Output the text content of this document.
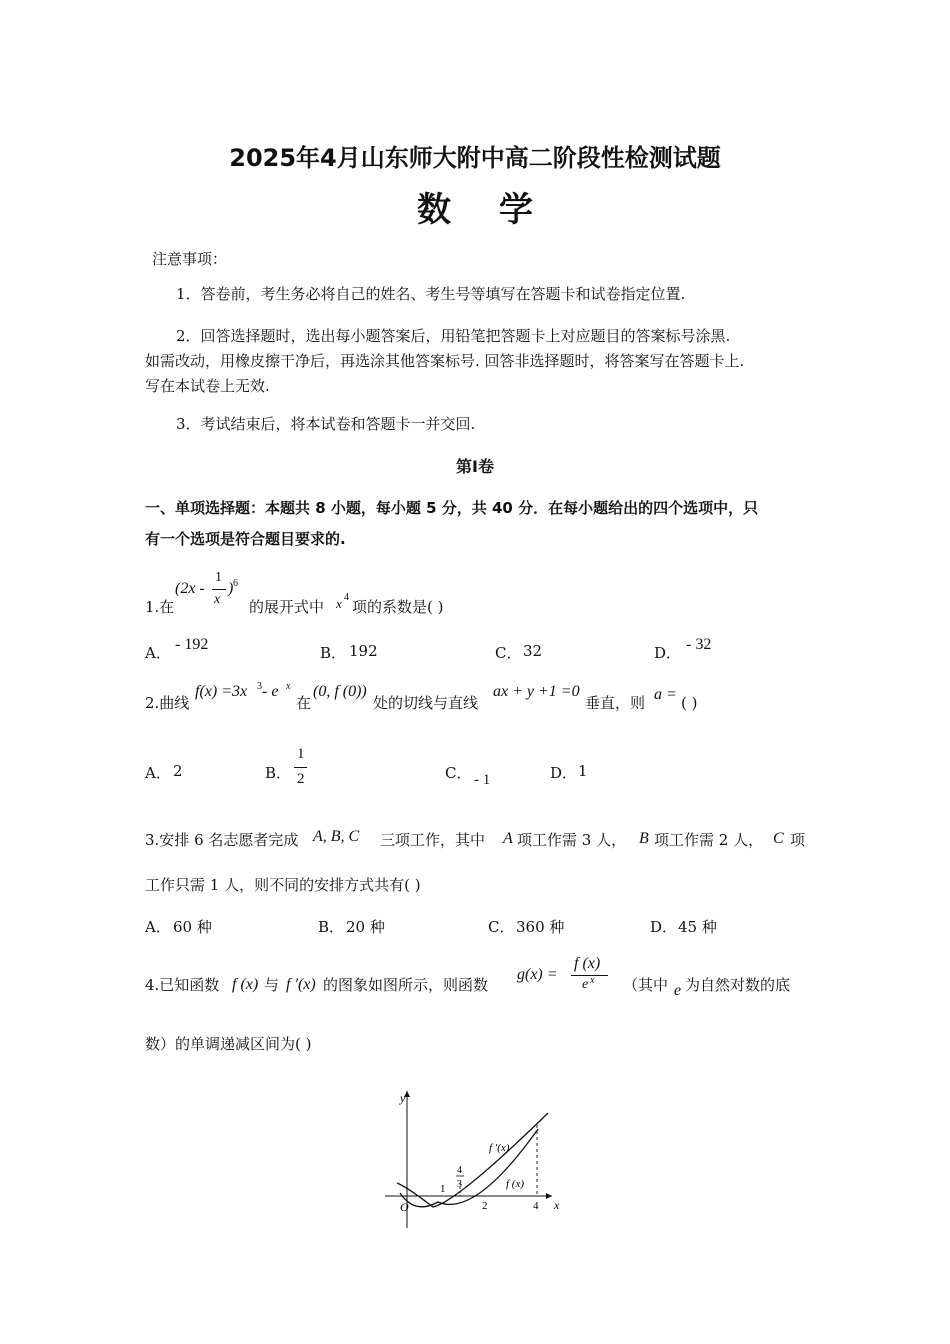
2025年4月山东师大附中高二阶段性检测试题
数学
注意事项：
1．答卷前，考生务必将自己的姓名、考生号等填写在答题卡和试卷指定位置.
2．回答选择题时，选出每小题答案后，用铅笔把答题卡上对应题目的答案标号涂黑.
如需改动，用橡皮擦干净后，再选涂其他答案标号. 回答非选择题时，将答案写在答题卡上.
写在本试卷上无效.
3．考试结束后，将本试卷和答题卡一并交回.
第Ⅰ卷
一、单项选择题：本题共 8 小题，每小题 5 分，共 40 分．在每小题给出的四个选项中，只
有一个选项是符合题目要求的.
1.在
(2x -
1
x
) 6
的展开式中 x 4
项的系数是( )
A． - 192	B． 192	C． 32	D． - 32
2.曲线
f(x) =3x 3 - e x
在
(0, f (0))
处的切线与直线
ax + y +1 =0
垂直，则 a = ( )
A． 2	B．
1
2	C． - 1	D． 1
3.安排 6 名志愿者完成 A, B, C 三项工作，其中 A 项工作需 3 人， B 项工作需 2 人， C 项
工作只需 1 人，则不同的安排方式共有( )
A． 60 种	B． 20 种	C． 360 种	D． 45 种
4.已知函数 f (x) 与 f ′(x) 的图象如图所示，则函数
g(x) =
f (x)
e x （其中 e 为自然对数的底
数）的单调递减区间为( )
y
x
O
1
4
3
2	4
f ′(x)
f (x)
